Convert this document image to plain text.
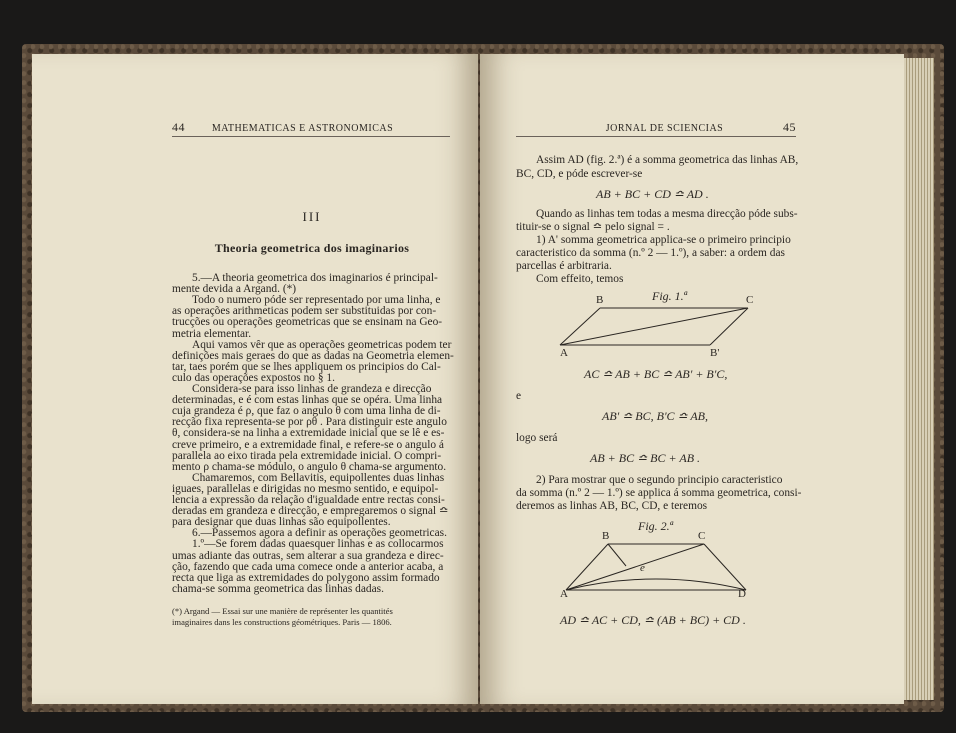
44	MATHEMATICAS E ASTRONOMICAS
III
Theoria geometrica dos imaginarios
5.—A theoria geometrica dos imaginarios é principal-
mente devida a Argand. (*)
Todo o numero póde ser representado por uma linha, e
as operações arithmeticas podem ser substituidas por con-
trucções ou operações geometricas que se ensinam na Geo-
metria elementar.
Aqui vamos vêr que as operações geometricas podem ter
definições mais geraes do que as dadas na Geometria elemen-
tar, taes porém que se lhes appliquem os principios do Cal-
culo das operações expostos no § 1.
Considera-se para isso linhas de grandeza e direcção
determinadas, e é com estas linhas que se opéra. Uma linha
cuja grandeza é ρ, que faz o angulo θ com uma linha de di-
recção fixa representa-se por ρθ . Para distinguir este angulo
θ, considera-se na linha a extremidade inicial que se lê e es-
creve primeiro, e a extremidade final, e refere-se o angulo á
parallela ao eixo tirada pela extremidade inicial. O compri-
mento ρ chama-se módulo, o angulo θ chama-se argumento.
Chamaremos, com Bellavitis, equipollentes duas linhas
iguaes, parallelas e dirigidas no mesmo sentido, e equipol-
lencia a expressão da relação d'igualdade entre rectas consi-
deradas em grandeza e direcção, e empregaremos o signal ≏
para designar que duas linhas são equipollentes.
6.—Passemos agora a definir as operações geometricas.
1.º—Se forem dadas quaesquer linhas e as collocarmos
umas adiante das outras, sem alterar a sua grandeza e direc-
ção, fazendo que cada uma comece onde a anterior acaba, a
recta que liga as extremidades do polygono assim formado
chama-se somma geometrica das linhas dadas.
(*) Argand — Essai sur une manière de représenter les quantités
imaginaires dans les constructions géométriques. Paris — 1806.
JORNAL DE SCIENCIAS	45
Assim AD (fig. 2.ª) é a somma geometrica das linhas AB,
BC, CD, e póde escrever-se
AB + BC + CD ≏ AD .
Quando as linhas tem todas a mesma direcção póde subs-
tituir-se o signal ≏ pelo signal = .
1) A' somma geometrica applica-se o primeiro principio
caracteristico da somma (n.º 2 — 1.º), a saber: a ordem das
parcellas é arbitraria.
Com effeito, temos
Fig. 1.ª
B	C
A	B'
AC ≏ AB + BC ≏ AB' + B'C,
e
AB' ≏ BC, B'C ≏ AB,
logo será
AB + BC ≏ BC + AB .
2) Para mostrar que o segundo principio caracteristico
da somma (n.º 2 — 1.º) se applica á somma geometrica, consi-
deremos as linhas AB, BC, CD, e teremos
Fig. 2.ª
B	C
e
A	D
AD ≏ AC + CD, ≏ (AB + BC) + CD .
